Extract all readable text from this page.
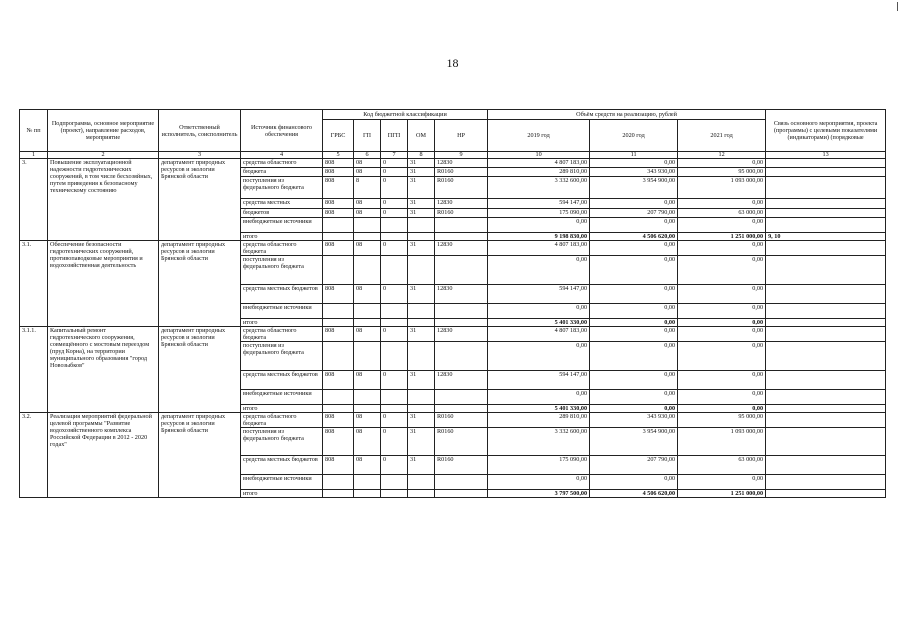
18
№ пп	Подпрограмма, основное мероприятие (проект), направление расходов, мероприятие	Ответственный исполнитель, соисполнитель	Источник финансового обеспечения	Код бюджетной классификации					Объём средств на реализацию, рублей			Связь основного мероприятия, проекта (программы) с целевыми показателями (индикаторами) (порядковые
				ГРБС	ГП	ПГП	ОМ	НР	2019 год	2020 год	2021 год	
1	2	3	4	5	6	7	8	9	10	11	12	13
3.	Повышение эксплуатационной надежности гидротехнических сооружений, в том числе бесхозяйных, путем приведения к безопасному техническому состоянию	департамент природных ресурсов и экологии Брянской области	средства областного	808	08	0	31	12830	4 807 183,00	0,00	0,00	
			бюджета	808	08	0	31	R0160	289 810,00	343 930,00	95 000,00	
			поступления из федерального бюджета	808	8	0	31	R0160	3 332 600,00	3 954 900,00	1 093 000,00	
			средства местных	808	08	0	31	12830	594 147,00	0,00	0,00	
			бюджетов	808	08	0	31	R0160	175 090,00	207 790,00	63 000,00	
			внебюджетные источники						0,00	0,00	0,00	
			итого						9 198 830,00	4 506 620,00	1 251 000,00	9, 10
3.1.	Обеспечение безопасности гидротехнических сооружений, противопаводковые мероприятия и водохозяйственная деятельность	департамент природных ресурсов и экологии Брянской области	средства областного бюджета	808	08	0	31	12830	4 807 183,00	0,00	0,00	
			поступления из федерального бюджета						0,00	0,00	0,00	
			средства местных бюджетов	808	08	0	31	12830	594 147,00	0,00	0,00	
			внебюджетные источники						0,00	0,00	0,00	
			итого						5 401 330,00	0,00	0,00	
3.1.1.	Капитальный ремонт гидротехнического сооружения, совмещённого с мостовым переездом (пруд Корна), на территории муниципального образования "город Новозыбков"	департамент природных ресурсов и экологии Брянской области	средства областного бюджета	808	08	0	31	12830	4 807 183,00	0,00	0,00	
			поступления из федерального бюджета						0,00	0,00	0,00	
			средства местных бюджетов	808	08	0	31	12830	594 147,00	0,00	0,00	
			внебюджетные источники						0,00	0,00	0,00	
			итого						5 401 330,00	0,00	0,00	
3.2.	Реализация мероприятий федеральной целевой программы "Развитие водохозяйственного комплекса Российской Федерации в 2012 - 2020 годах"	департамент природных ресурсов и экологии Брянской области	средства областного бюджета	808	08	0	31	R0160	289 810,00	343 930,00	95 000,00	
			поступления из федерального бюджета	808	08	0	31	R0160	3 332 600,00	3 954 900,00	1 093 000,00	
			средства местных бюджетов	808	08	0	31	R0160	175 090,00	207 790,00	63 000,00	
			внебюджетные источники						0,00	0,00	0,00	
			итого						3 797 500,00	4 506 620,00	1 251 000,00	
